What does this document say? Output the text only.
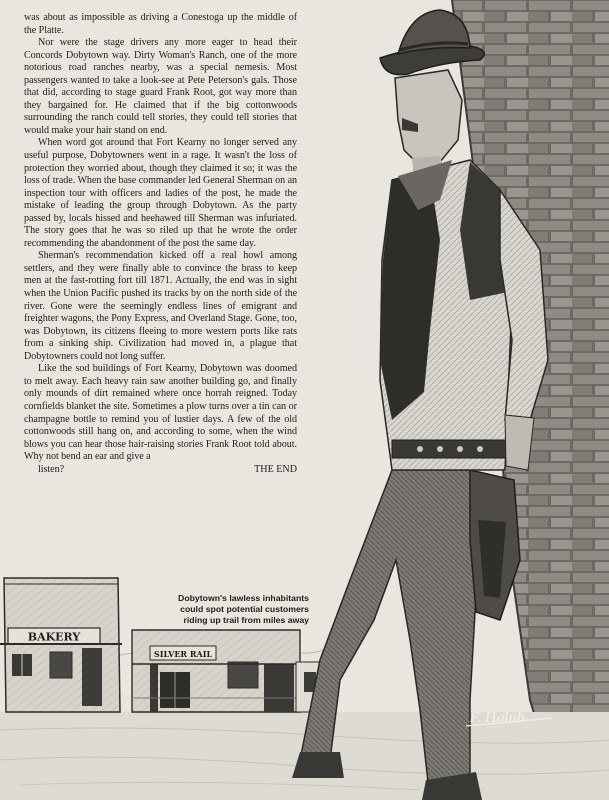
BAKERY
SILVER RAIL
F. Holub

was about as impossible as driving a Conestoga up the middle of the Platte.

Nor were the stage drivers any more eager to head their Concords Dobytown way. Dirty Woman's Ranch, one of the more notorious road ranches nearby, was a special nemesis. Most passengers wanted to take a look-see at Pete Peterson's gals. Those that did, according to stage guard Frank Root, got way more than they bargained for. He claimed that if the big cottonwoods surrounding the ranch could tell stories, they could tell stories that would make your hair stand on end.

When word got around that Fort Kearny no longer served any useful purpose, Dobytowners went in a rage. It wasn't the loss of protection they worried about, though they claimed it so; it was the loss of trade. When the base commander led General Sherman on an inspection tour with officers and ladies of the post, he made the mistake of leading the group through Dobytown. As the party passed by, locals hissed and heehawed till Sherman was infuriated. The story goes that he was so riled up that he wrote the order recommending the abandonment of the post the same day.

Sherman's recommendation kicked off a real howl among settlers, and they were finally able to convince the brass to keep men at the fast-rotting fort till 1871. Actually, the end was in sight when the Union Pacific pushed its tracks by on the north side of the river. Gone were the seemingly endless lines of emigrant and freighter wagons, the Pony Express, and Overland Stage. Gone, too, was Dobytown, its citizens fleeing to more western ports like rats from a sinking ship. Civilization had moved in, a plague that Dobytowners could not long suffer.

Like the sod buildings of Fort Kearny, Dobytown was doomed to melt away. Each heavy rain saw another building go, and finally only mounds of dirt remained where once horrah reigned. Today cornfields blanket the site. Sometimes a plow turns over a tin can or champagne bottle to remind you of lustier days. A few of the old cottonwoods still hang on, and according to some, when the wind blows you can hear those hair-raising stories Frank Root told about. Why not bend an ear and give a

listen?	THE END

Dobytown's lawless inhabitants
could spot potential customers
riding up trail from miles away
